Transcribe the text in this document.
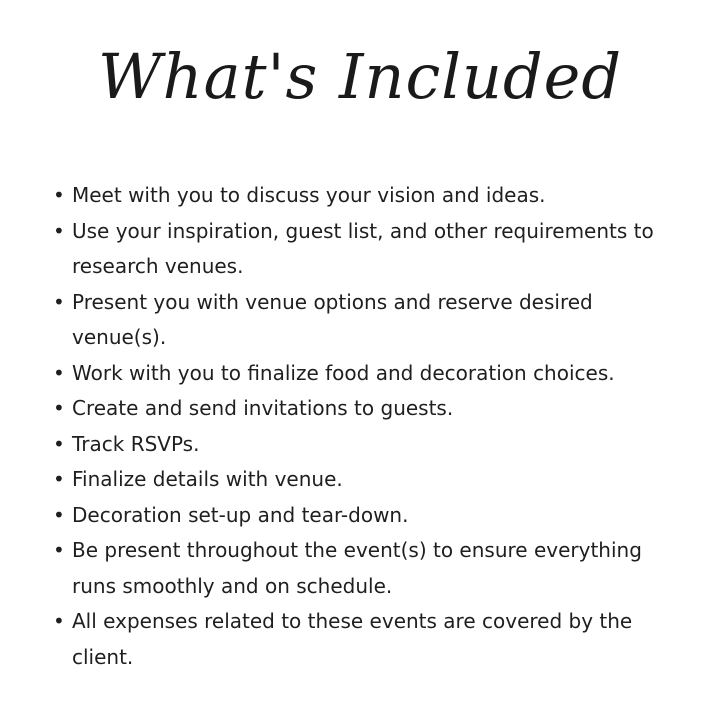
What's Included
• Meet with you to discuss your vision and ideas.
• Use your inspiration, guest list, and other requirements to research venues.
• Present you with venue options and reserve desired venue(s).
• Work with you to finalize food and decoration choices.
• Create and send invitations to guests.
• Track RSVPs.
• Finalize details with venue.
• Decoration set-up and tear-down.
• Be present throughout the event(s) to ensure everything runs smoothly and on schedule.
• All expenses related to these events are covered by the client.
